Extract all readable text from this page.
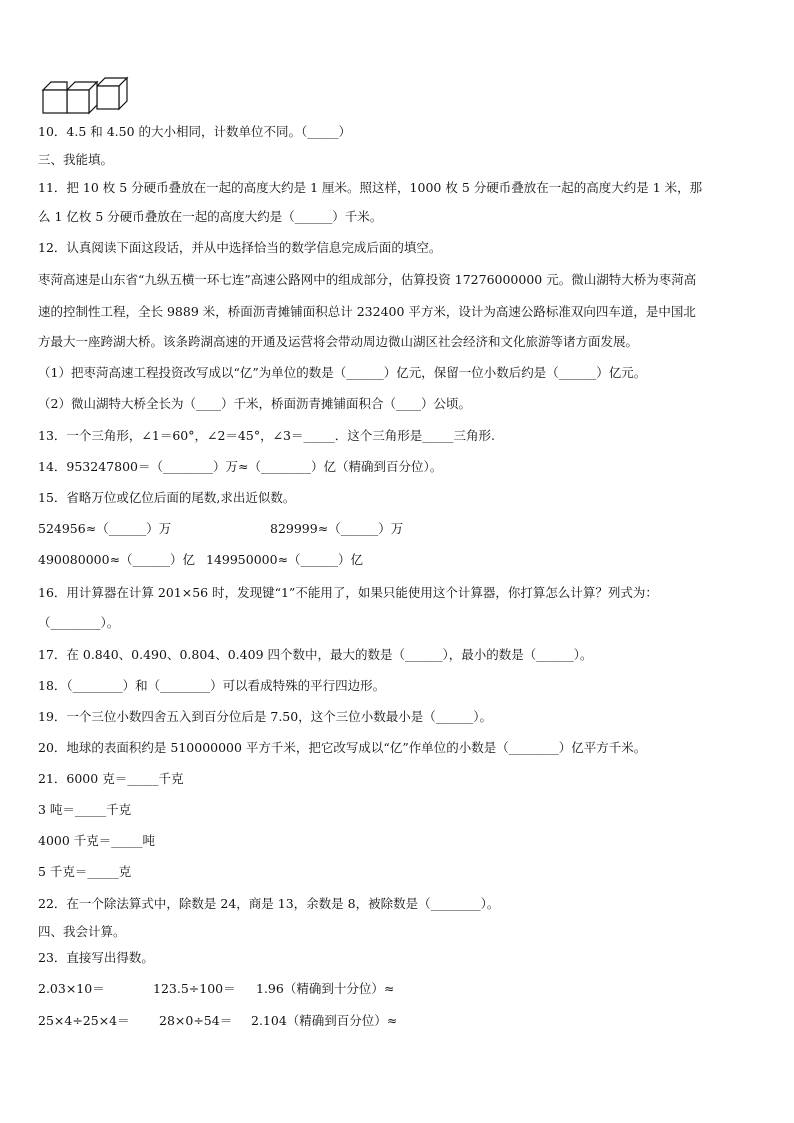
10．4.5 和 4.50 的大小相同，计数单位不同。（_____）
三、我能填。
11．把 10 枚 5 分硬币叠放在一起的高度大约是 1 厘米。照这样，1000 枚 5 分硬币叠放在一起的高度大约是 1 米，那
么 1 亿枚 5 分硬币叠放在一起的高度大约是（______）千米。
12．认真阅读下面这段话，并从中选择恰当的数学信息完成后面的填空。
枣菏高速是山东省“九纵五横一环七连”高速公路网中的组成部分，估算投资 17276000000 元。微山湖特大桥为枣菏高
速的控制性工程，全长 9889 米，桥面沥青摊铺面积总计 232400 平方米，设计为高速公路标准双向四车道，是中国北
方最大一座跨湖大桥。该条跨湖高速的开通及运营将会带动周边微山湖区社会经济和文化旅游等诸方面发展。
（1）把枣菏高速工程投资改写成以“亿”为单位的数是（______）亿元，保留一位小数后约是（______）亿元。
（2）微山湖特大桥全长为（____）千米，桥面沥青摊铺面积合（____）公顷。
13．一个三角形，∠1＝60°，∠2＝45°，∠3＝_____．这个三角形是_____三角形.
14．953247800＝（________）万≈（________）亿（精确到百分位）。
15．省略万位或亿位后面的尾数,求出近似数。
524956≈（______）万	829999≈（______）万
490080000≈（______）亿 149950000≈（______）亿
16．用计算器在计算 201×56 时，发现键“1”不能用了，如果只能使用这个计算器，你打算怎么计算？列式为：
（________）。
17．在 0.840、0.490、0.804、0.409 四个数中，最大的数是（______），最小的数是（______）。
18．（________）和（________）可以看成特殊的平行四边形。
19．一个三位小数四舍五入到百分位后是 7.50，这个三位小数最小是（______）。
20．地球的表面积约是 510000000 平方千米，把它改写成以“亿”作单位的小数是（________）亿平方千米。
21．6000 克＝_____千克
3 吨＝_____千克
4000 千克＝_____吨
5 千克＝_____克
22．在一个除法算式中，除数是 24，商是 13，余数是 8，被除数是（________）。
四、我会计算。
23．直接写出得数。
2.03×10＝	123.5÷100＝ 1.96（精确到十分位）≈
25×4÷25×4＝ 28×0÷54＝ 2.104（精确到百分位）≈
